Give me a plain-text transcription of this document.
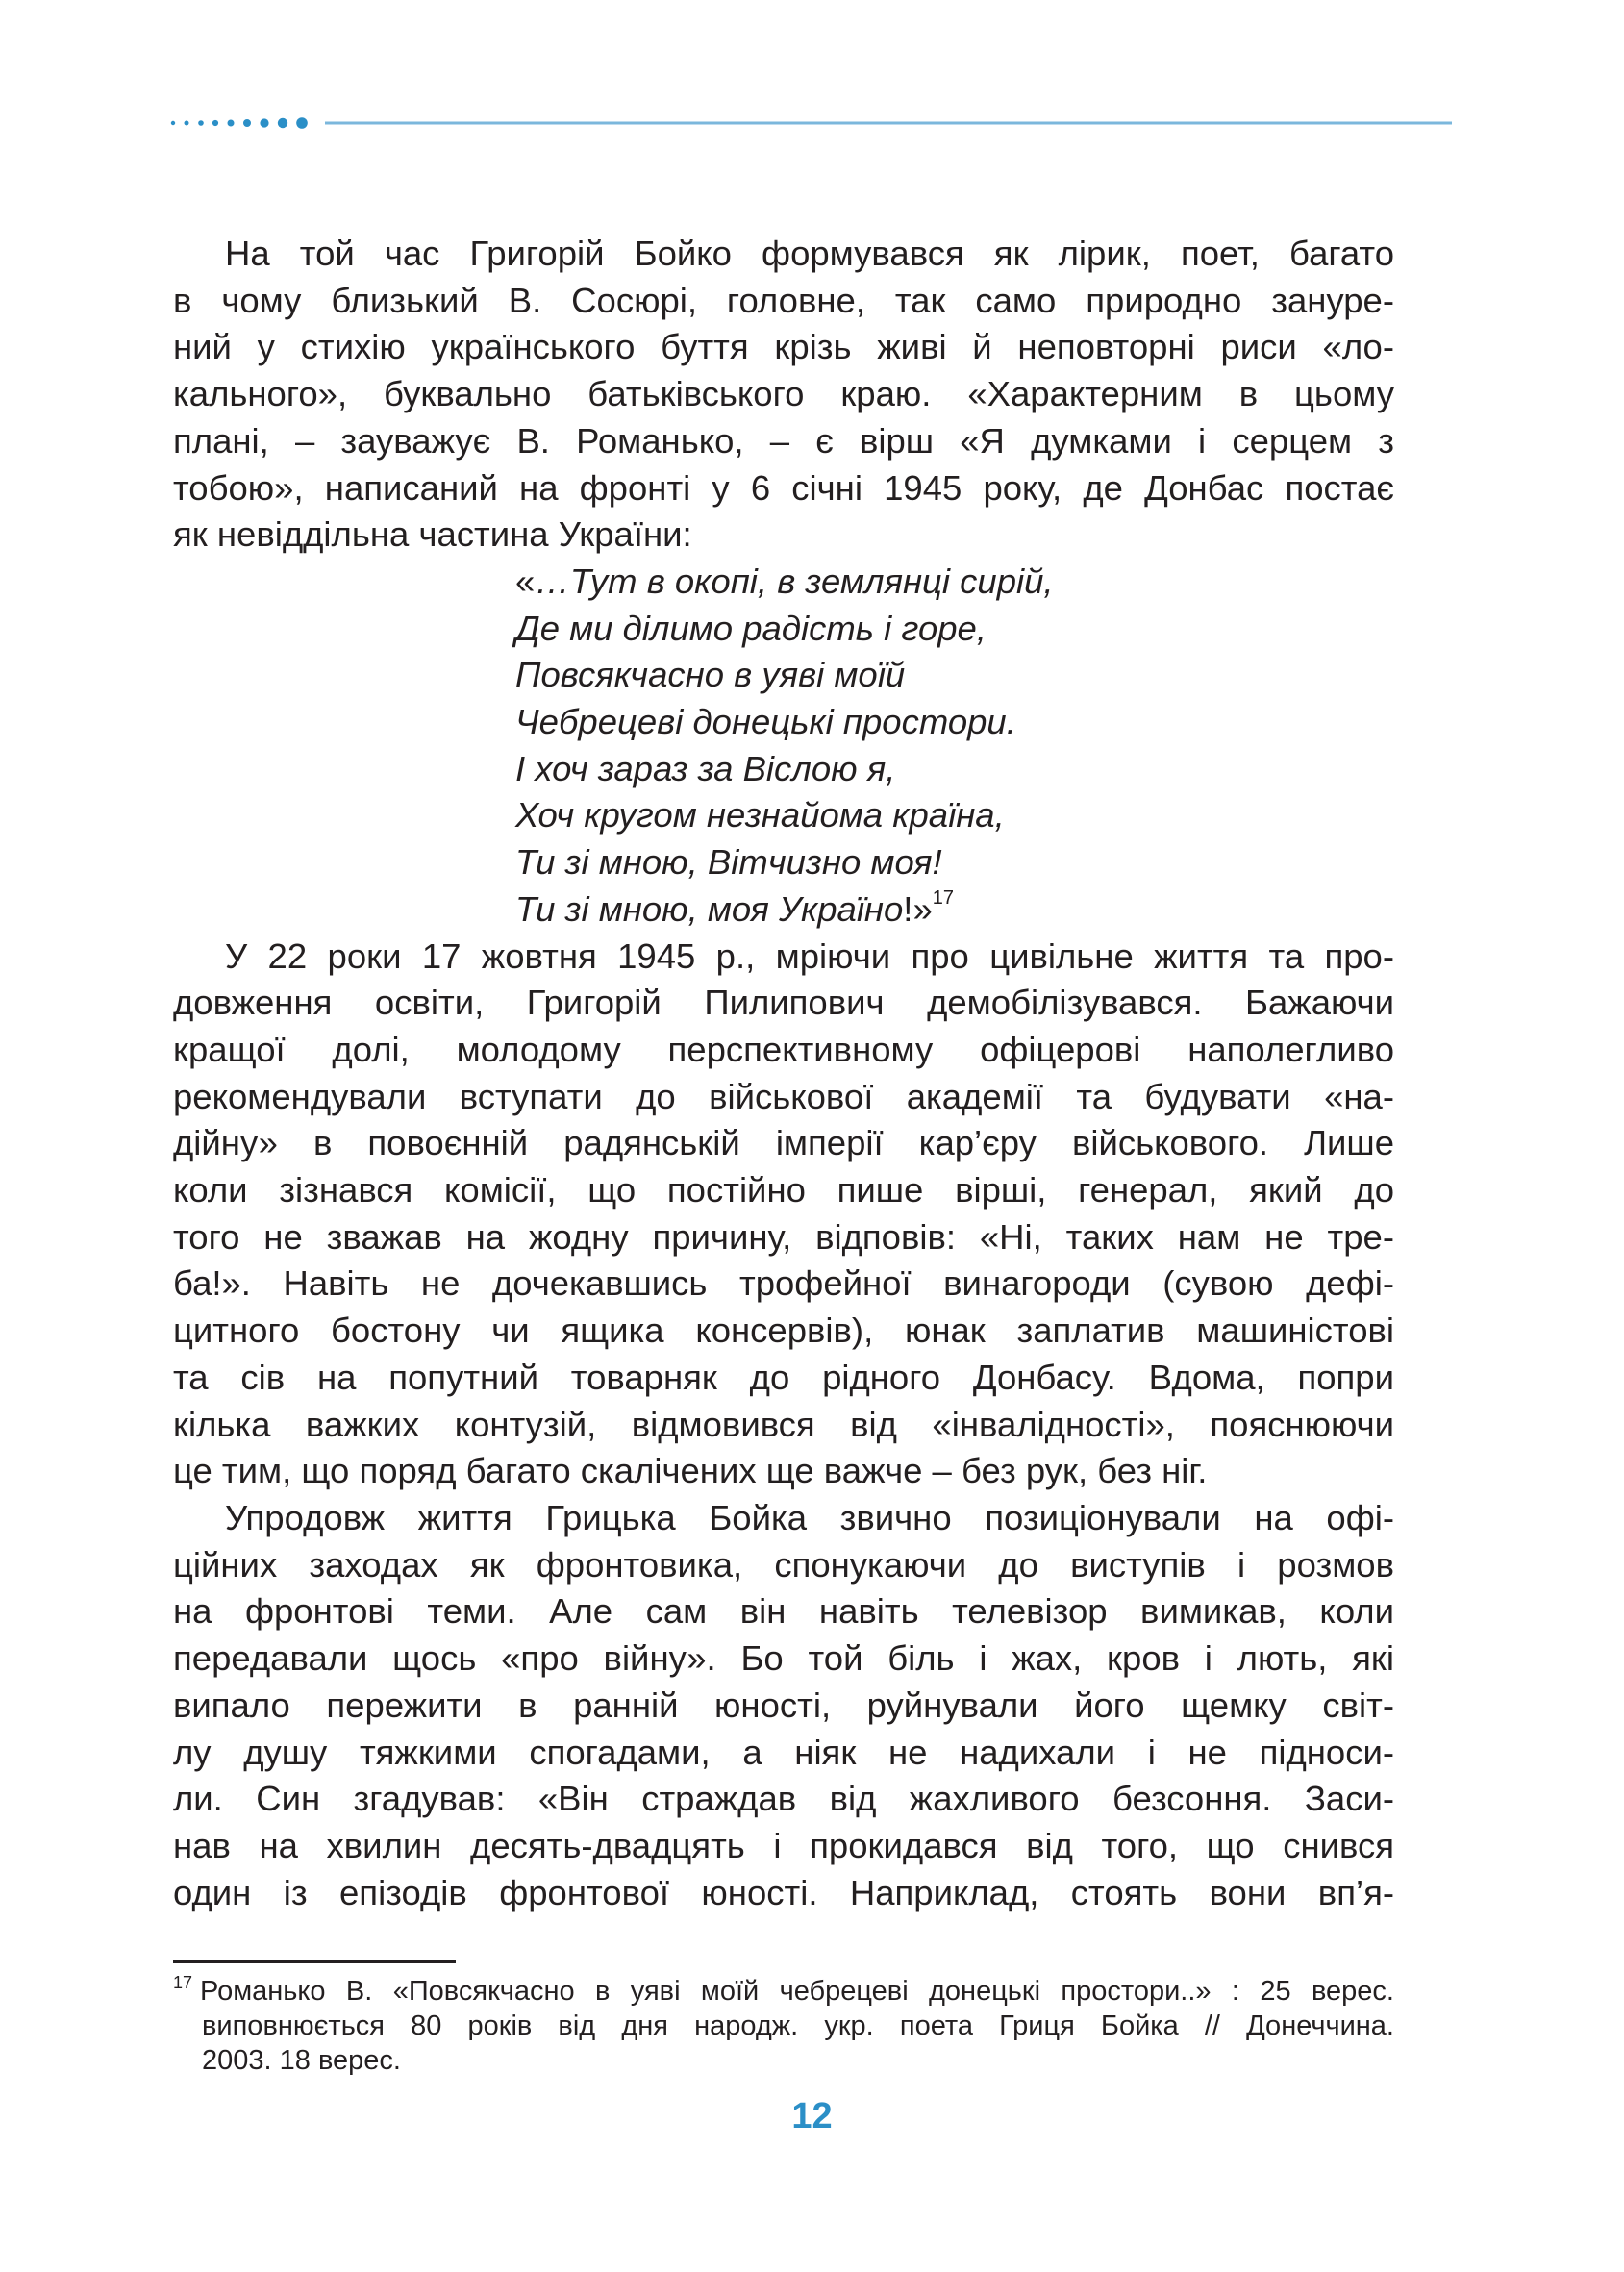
На той час Григорій Бойко формувався як лірик, поет, багато
в чому близький В. Сосюрі, головне, так само природно зануре-
ний у стихію українського буття крізь живі й неповторні риси «ло-
кального», буквально батьківського краю. «Характерним в цьому
плані, – зауважує В. Романько, – є вірш «Я думками і серцем з
тобою», написаний на фронті у 6 січні 1945 року, де Донбас постає
як невіддільна частина України:

«…Тут в окопі, в землянці сирій,
Де ми ділимо радість і горе,
Повсякчасно в уяві моїй
Чебрецеві донецькі простори.
І хоч зараз за Віслою я,
Хоч кругом незнайома країна,
Ти зі мною, Вітчизно моя!
Ти зі мною, моя Україно!»$^{17}$

У 22 роки 17 жовтня 1945 р., мріючи про цивільне життя та про-
довження освіти, Григорій Пилипович демобілізувався. Бажаючи
кращої долі, молодому перспективному офіцерові наполегливо
рекомендували вступати до військової академії та будувати «на-
дійну» в повоєнній радянській імперії кар’єру військового. Лише
коли зізнався комісії, що постійно пише вірші, генерал, який до
того не зважав на жодну причину, відповів: «Ні, таких нам не тре-
ба!». Навіть не дочекавшись трофейної винагороди (сувою дефі-
цитного бостону чи ящика консервів), юнак заплатив машиністові
та сів на попутний товарняк до рідного Донбасу. Вдома, попри
кілька важких контузій, відмовився від «інвалідності», пояснюючи
це тим, що поряд багато скалічених ще важче – без рук, без ніг.

Упродовж життя Грицька Бойка звично позиціонували на офі-
ційних заходах як фронтовика, спонукаючи до виступів і розмов
на фронтові теми. Але сам він навіть телевізор вимикав, коли
передавали щось «про війну». Бо той біль і жах, кров і лють, які
випало пережити в ранній юності, руйнували його щемку світ-
лу душу тяжкими спогадами, а ніяк не надихали і не підноси-
ли. Син згадував: «Він страждав від жахливого безсоння. Заси-
нав на хвилин десять-двадцять і прокидався від того, що снився
один із епізодів фронтової юності. Наприклад, стоять вони вп’я-

$^{17}$ Романько В. «Повсякчасно в уяві моїй чебрецеві донецькі простори..» : 25 верес.
виповнюється 80 років від дня народж. укр. поета Гриця Бойка // Донеччина.
2003. 18 верес.
12
